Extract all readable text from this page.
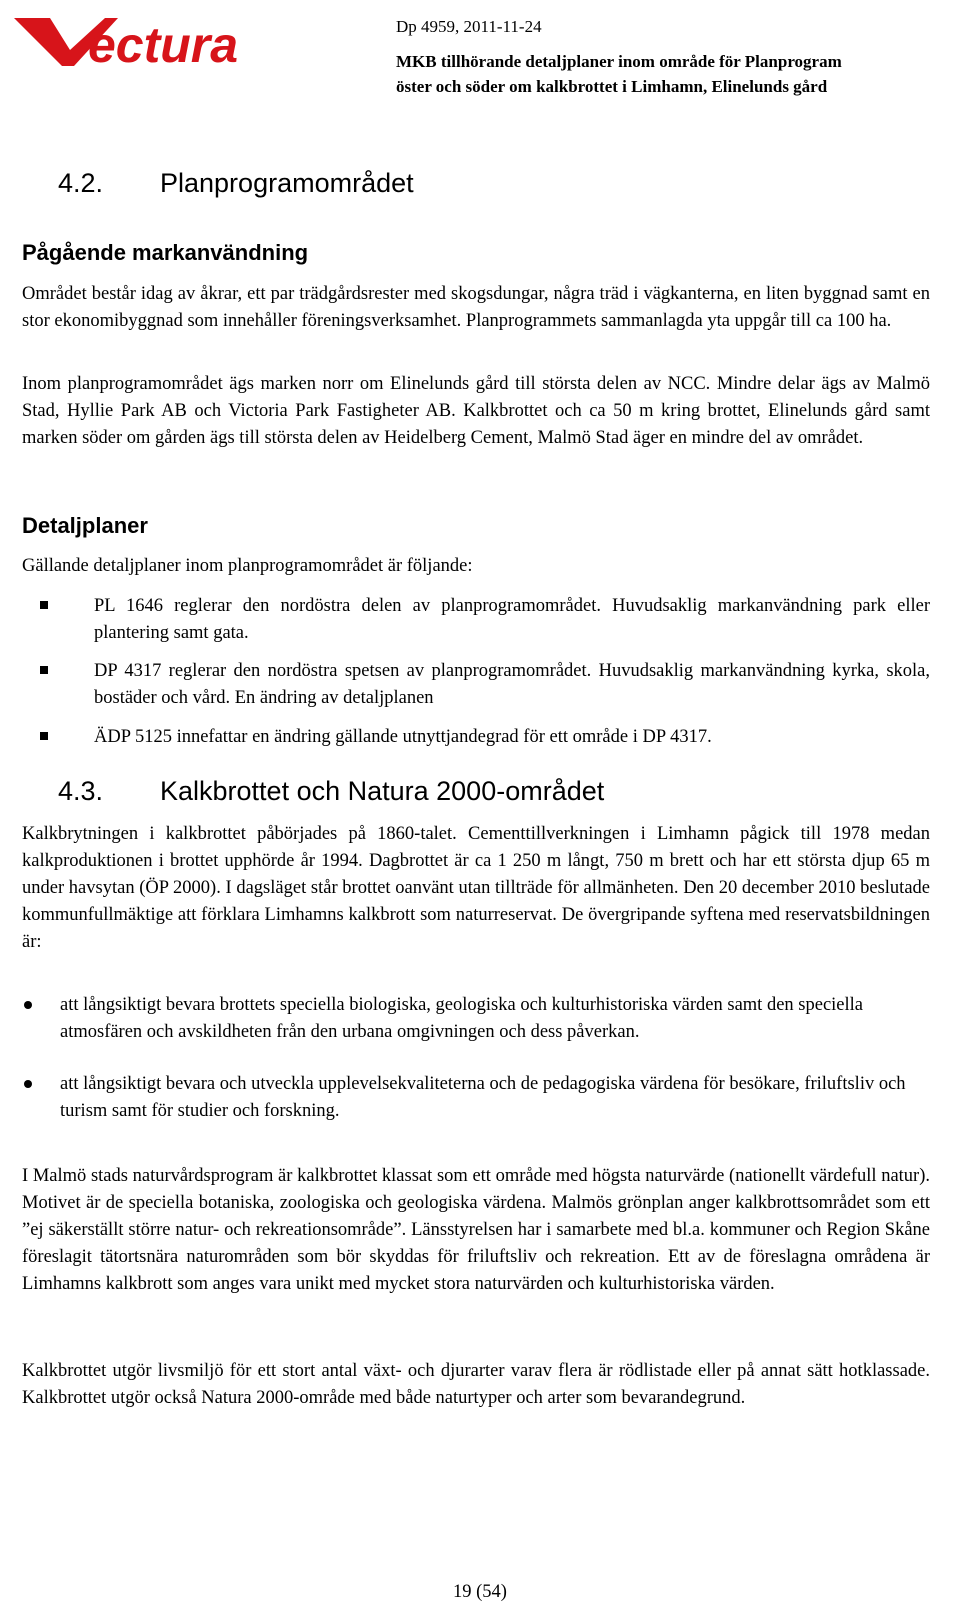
ectura	Dp 4959, 2011-11-24
MKB tillhörande detaljplaner inom område för Planprogram
öster och söder om kalkbrottet i Limhamn, Elinelunds gård
4.2. Planprogramområdet
Pågående markanvändning
Området består idag av åkrar, ett par trädgårdsrester med skogsdungar, några träd i vägkanterna, en liten byggnad samt en stor ekonomibyggnad som innehåller föreningsverksamhet. Planprogrammets sammanlagda yta uppgår till ca 100 ha.
Inom planprogramområdet ägs marken norr om Elinelunds gård till största delen av NCC. Mindre delar ägs av Malmö Stad, Hyllie Park AB och Victoria Park Fastigheter AB. Kalkbrottet och ca 50 m kring brottet, Elinelunds gård samt marken söder om gården ägs till största delen av Heidelberg Cement, Malmö Stad äger en mindre del av området.
Detaljplaner
Gällande detaljplaner inom planprogramområdet är följande:
PL 1646 reglerar den nordöstra delen av planprogramområdet. Huvudsaklig markanvändning park eller plantering samt gata.
DP 4317 reglerar den nordöstra spetsen av planprogramområdet. Huvudsaklig markanvändning kyrka, skola, bostäder och vård. En ändring av detaljplanen
ÄDP 5125 innefattar en ändring gällande utnyttjandegrad för ett område i DP 4317.
4.3. Kalkbrottet och Natura 2000-området
Kalkbrytningen i kalkbrottet påbörjades på 1860-talet. Cementtillverkningen i Limhamn pågick till 1978 medan kalkproduktionen i brottet upphörde år 1994. Dagbrottet är ca 1 250 m långt, 750 m brett och har ett största djup 65 m under havsytan (ÖP 2000). I dagsläget står brottet oanvänt utan tillträde för allmänheten. Den 20 december 2010 beslutade kommunfullmäktige att förklara Limhamns kalkbrott som naturreservat. De övergripande syftena med reservatsbildningen är:
att långsiktigt bevara brottets speciella biologiska, geologiska och kulturhistoriska värden samt den speciella atmosfären och avskildheten från den urbana omgivningen och dess påverkan.
att långsiktigt bevara och utveckla upplevelsekvaliteterna och de pedagogiska värdena för besökare, friluftsliv och turism samt för studier och forskning.
I Malmö stads naturvårdsprogram är kalkbrottet klassat som ett område med högsta naturvärde (nationellt värdefull natur). Motivet är de speciella botaniska, zoologiska och geologiska värdena. Malmös grönplan anger kalkbrottsområdet som ett ”ej säkerställt större natur- och rekreationsområde”. Länsstyrelsen har i samarbete med bl.a. kommuner och Region Skåne föreslagit tätortsnära naturområden som bör skyddas för friluftsliv och rekreation. Ett av de föreslagna områdena är Limhamns kalkbrott som anges vara unikt med mycket stora naturvärden och kulturhistoriska värden.
Kalkbrottet utgör livsmiljö för ett stort antal växt- och djurarter varav flera är rödlistade eller på annat sätt hotklassade. Kalkbrottet utgör också Natura 2000-område med både naturtyper och arter som bevarandegrund.
19 (54)
